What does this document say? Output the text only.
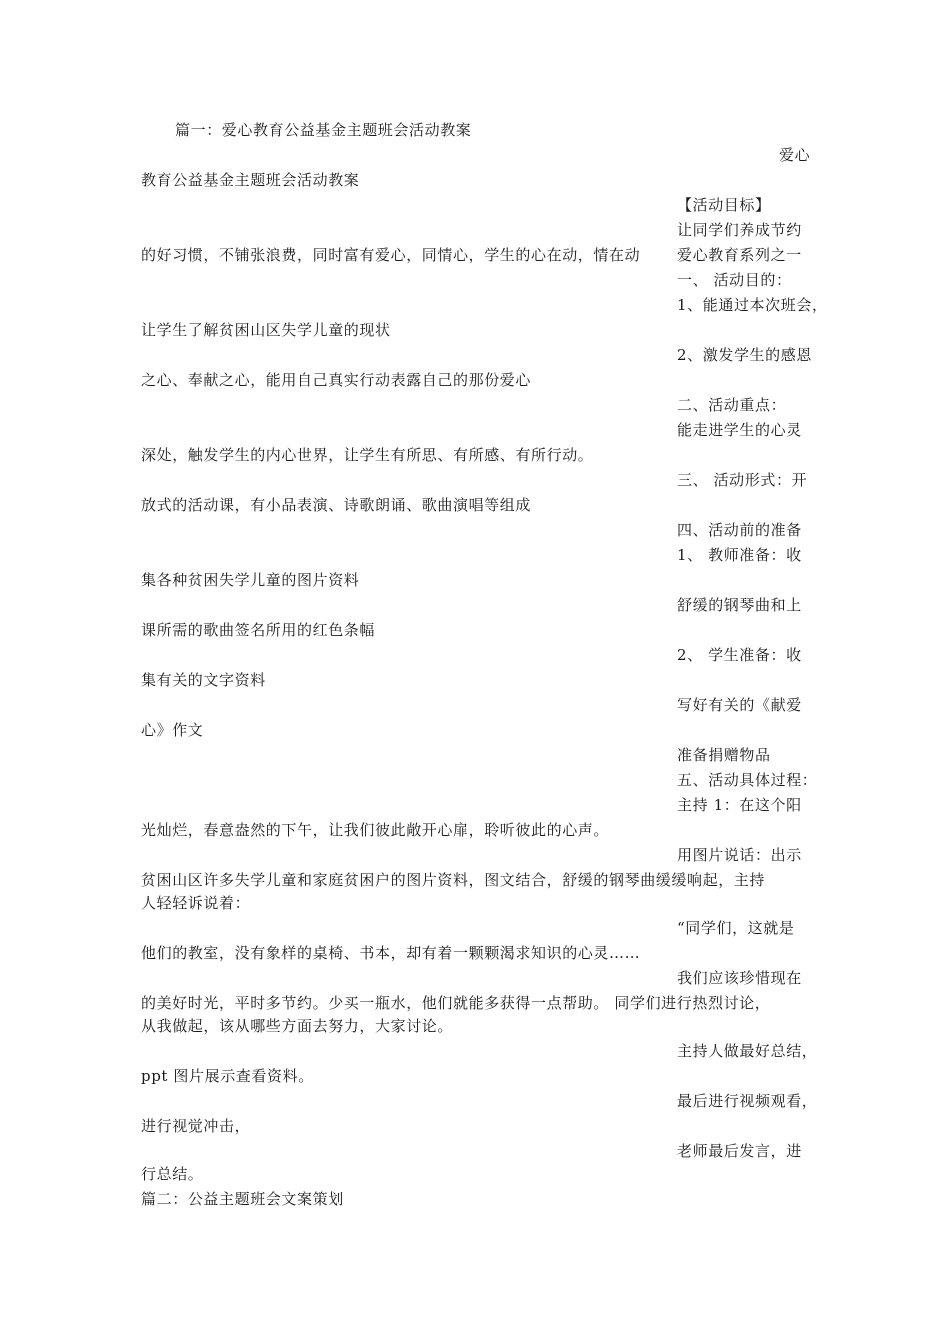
篇一：爱心教育公益基金主题班会活动教案
爱心
教育公益基金主题班会活动教案
【活动目标】
让同学们养成节约
的好习惯，不铺张浪费，同时富有爱心，同情心，学生的心在动，情在动 爱心教育系列之一
一、 活动目的：
1、能通过本次班会，
让学生了解贫困山区失学儿童的现状
2、激发学生的感恩
之心、奉献之心，能用自己真实行动表露自己的那份爱心
二、活动重点：
能走进学生的心灵
深处，触发学生的内心世界，让学生有所思、有所感、有所行动。
三、 活动形式：开
放式的活动课，有小品表演、诗歌朗诵、歌曲演唱等组成
四、活动前的准备
1、 教师准备：收
集各种贫困失学儿童的图片资料
舒缓的钢琴曲和上
课所需的歌曲签名所用的红色条幅
2、 学生准备：收
集有关的文字资料
写好有关的《献爱
心》作文
准备捐赠物品
五、活动具体过程：
主持 1：在这个阳
光灿烂，春意盎然的下午，让我们彼此敞开心扉，聆听彼此的心声。
用图片说话：出示
贫困山区许多失学儿童和家庭贫困户的图片资料，图文结合，舒缓的钢琴曲缓缓响起，主持
人轻轻诉说着：
“同学们，这就是
他们的教室，没有象样的桌椅、书本，却有着一颗颗渴求知识的心灵……
我们应该珍惜现在
的美好时光，平时多节约。少买一瓶水，他们就能多获得一点帮助。 同学们进行热烈讨论，
从我做起，该从哪些方面去努力，大家讨论。
主持人做最好总结，
ppt 图片展示查看资料。
最后进行视频观看，
进行视觉冲击，
老师最后发言，进
行总结。
篇二：公益主题班会文案策划
